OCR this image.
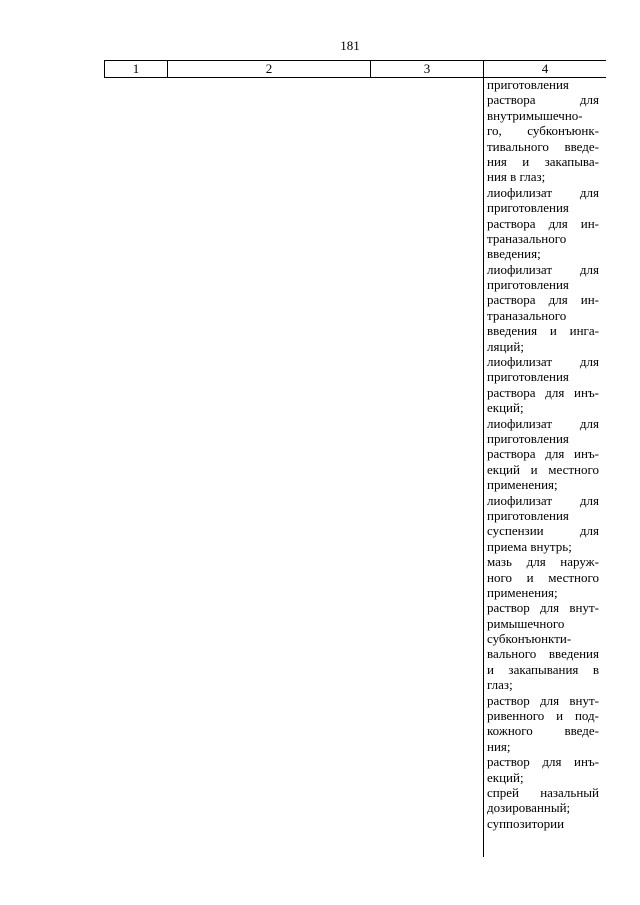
181
1	2	3	4
приготовления
раствора для
внутримышечно-
го, субконъюнк-
тивального введе-
ния и закапыва-
ния в глаз;
лиофилизат для
приготовления
раствора для ин-
траназального
введения;
лиофилизат для
приготовления
раствора для ин-
траназального
введения и инга-
ляций;
лиофилизат для
приготовления
раствора для инъ-
екций;
лиофилизат для
приготовления
раствора для инъ-
екций и местного
применения;
лиофилизат для
приготовления
суспензии для
приема внутрь;
мазь для наруж-
ного и местного
применения;
раствор для внут-
римышечного
субконъюнкти-
вального введения
и закапывания в
глаз;
раствор для внут-
ривенного и под-
кожного введе-
ния;
раствор для инъ-
екций;
спрей назальный
дозированный;
суппозитории
